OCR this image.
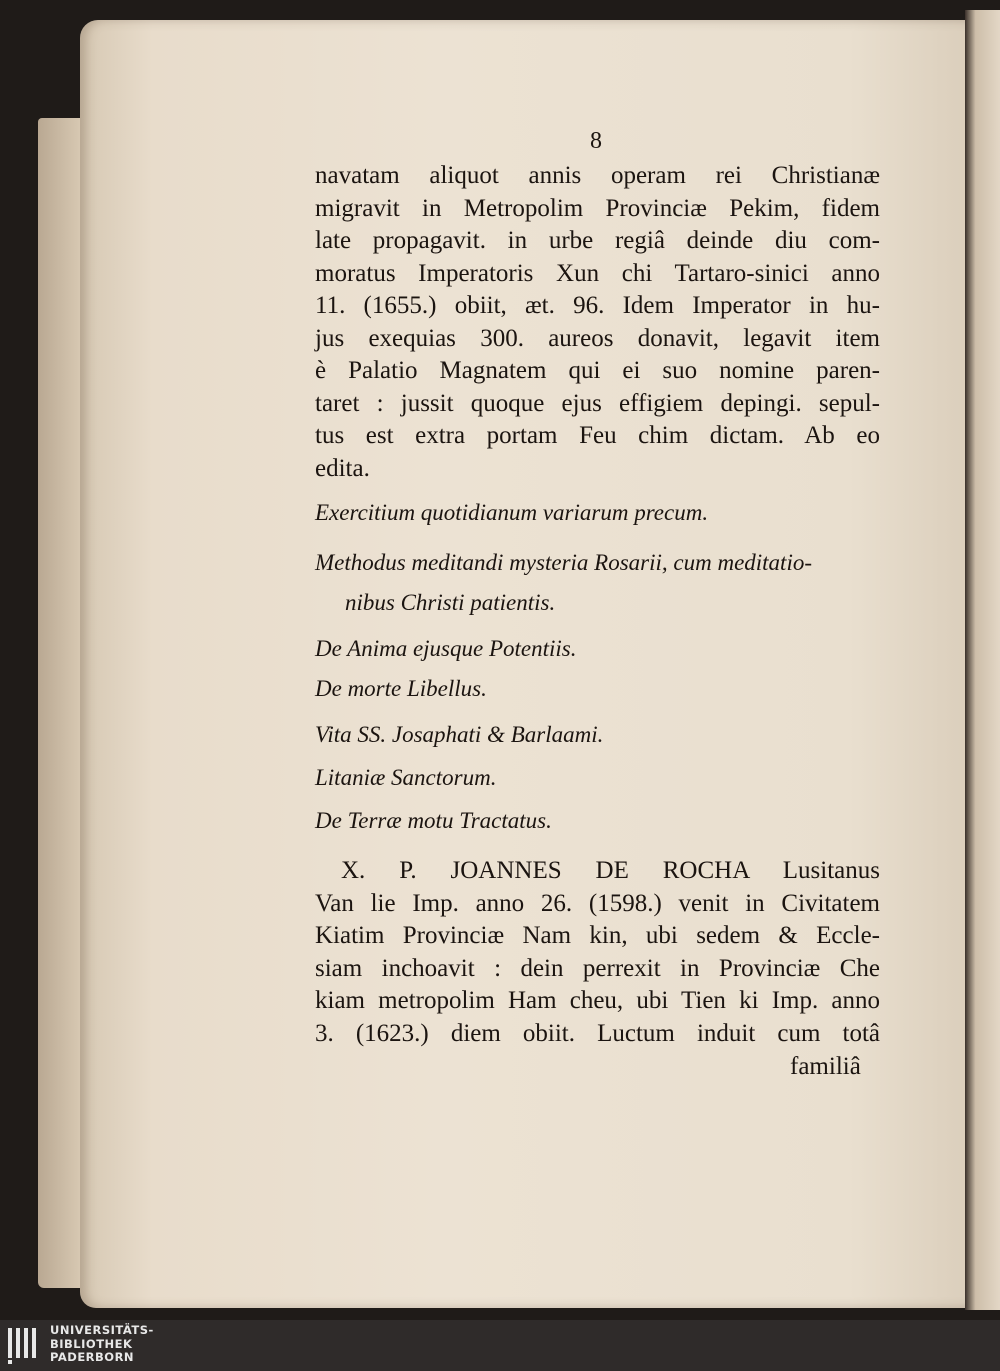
8
navatam aliquot annis operam rei Christianæ
migravit in Metropolim Provinciæ Pekim, fidem
late propagavit. in urbe regiâ deinde diu com-
moratus Imperatoris Xun chi Tartaro-sinici anno
11. (1655.) obiit, æt. 96. Idem Imperator in hu-
jus exequias 300. aureos donavit, legavit item
è Palatio Magnatem qui ei suo nomine paren-
taret : jussit quoque ejus effigiem depingi. sepul-
tus est extra portam Feu chim dictam. Ab eo
edita.
Exercitium quotidianum variarum precum.
Methodus meditandi mysteria Rosarii, cum meditatio-
nibus Christi patientis.
De Anima ejusque Potentiis.
De morte Libellus.
Vita SS. Josaphati & Barlaami.
Litaniæ Sanctorum.
De Terræ motu Tractatus.
X. P. JOANNES DE ROCHA Lusitanus
Van lie Imp. anno 26. (1598.) venit in Civitatem
Kiatim Provinciæ Nam kin, ubi sedem & Eccle-
siam inchoavit : dein perrexit in Provinciæ Che
kiam metropolim Ham cheu, ubi Tien ki Imp. anno
3. (1623.) diem obiit. Luctum induit cum totâ
familiâ
UNIVERSITÄTS-
BIBLIOTHEK
PADERBORN
